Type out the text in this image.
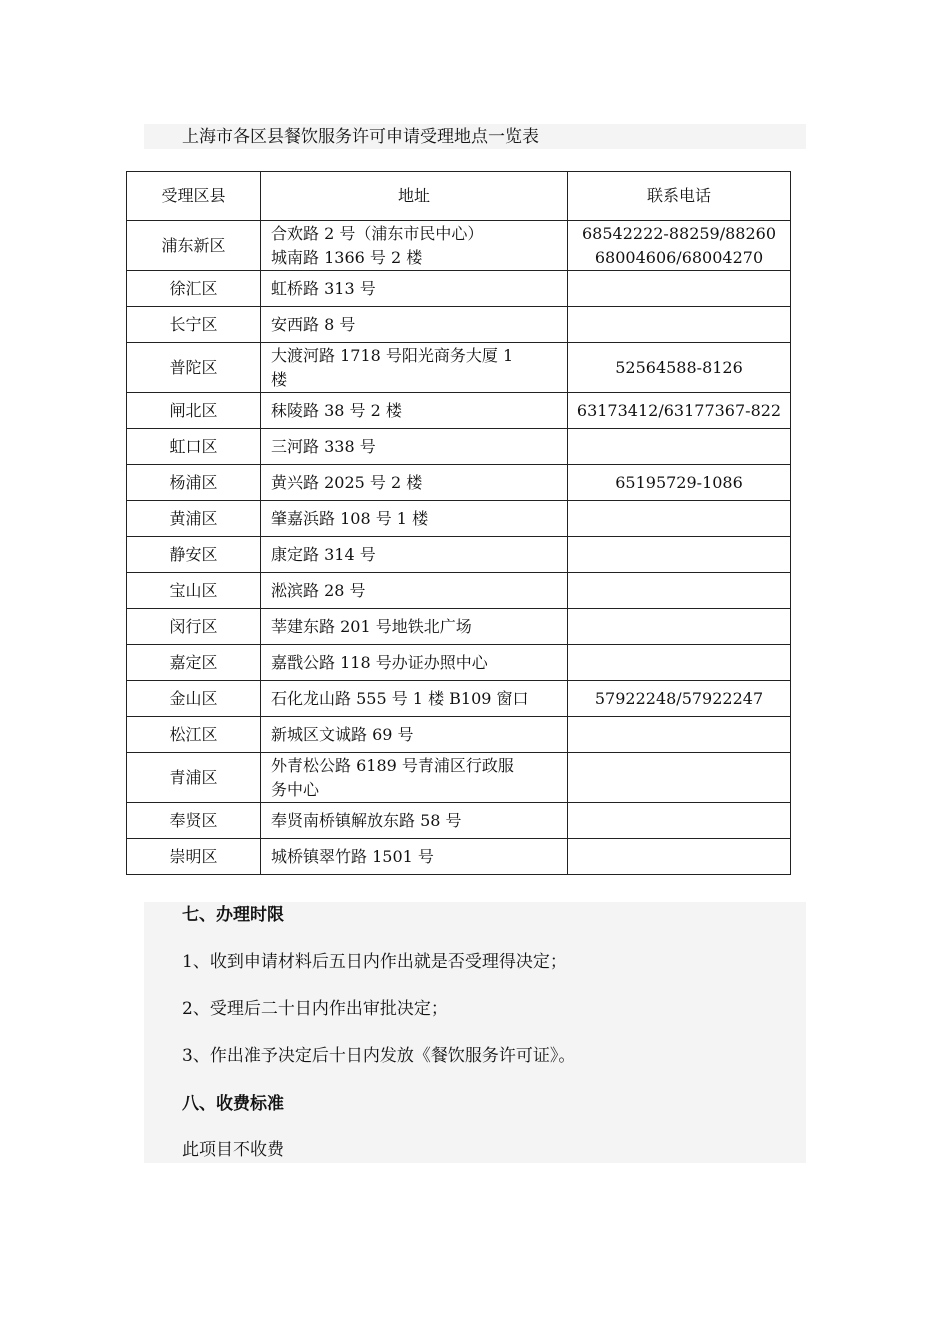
上海市各区县餐饮服务许可申请受理地点一览表
受理区县	地址	联系电话
浦东新区	合欢路 2 号（浦东市民中心）
城南路 1366 号 2 楼	68542222-88259/88260
68004606/68004270
徐汇区	虹桥路 313 号	
长宁区	安西路 8 号	
普陀区	大渡河路 1718 号阳光商务大厦 1
楼	52564588-8126
闸北区	秣陵路 38 号 2 楼	63173412/63177367-822
虹口区	三河路 338 号	
杨浦区	黄兴路 2025 号 2 楼	65195729-1086
黄浦区	肇嘉浜路 108 号 1 楼	
静安区	康定路 314 号	
宝山区	淞滨路 28 号	
闵行区	莘建东路 201 号地铁北广场	
嘉定区	嘉戬公路 118 号办证办照中心	
金山区	石化龙山路 555 号 1 楼 B109 窗口	57922248/57922247
松江区	新城区文诚路 69 号	
青浦区	外青松公路 6189 号青浦区行政服
务中心	
奉贤区	奉贤南桥镇解放东路 58 号	
崇明区	城桥镇翠竹路 1501 号	
七、办理时限
1、收到申请材料后五日内作出就是否受理得决定；
2、受理后二十日内作出审批决定；
3、作出准予决定后十日内发放《餐饮服务许可证》。
八、收费标准
此项目不收费
